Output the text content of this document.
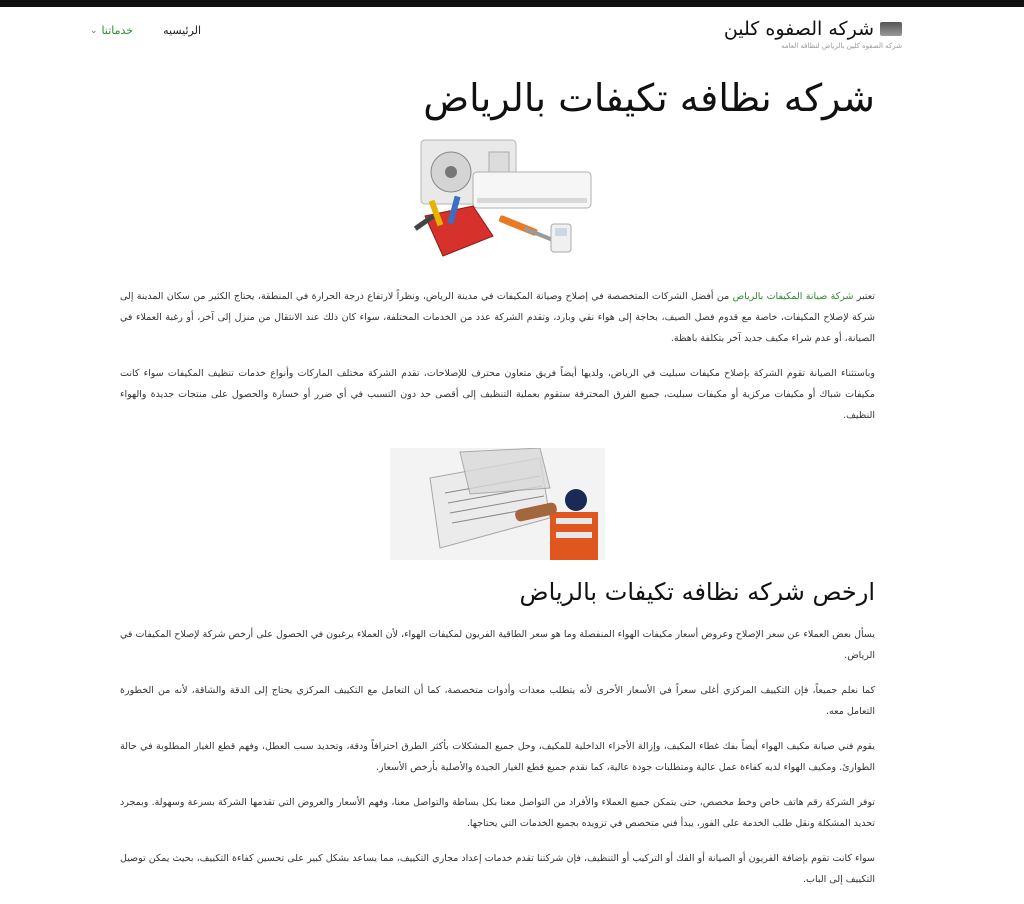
شركه الصفوه كلين
شركه الصفوه كلين بالرياض لنظافه العامه
الرئيسيه
خدماتنا
⌄
شركه نظافه تكيفات بالرياض

تعتبر شركة صيانة المكيفات بالرياض من أفضل الشركات المتخصصة في إصلاح وصيانة المكيفات في مدينة الرياض، ونظراً لارتفاع درجة الحرارة في المنطقة، يحتاج الكثير من سكان المدينة إلى شركة لإصلاح المكيفات، خاصة مع قدوم فصل الصيف، بحاجة إلى هواء نقي وبارد، وتقدم الشركة عدد من الخدمات المختلفة، سواء كان ذلك عند الانتقال من منزل إلى آخر، أو رغبة العملاء في الصيانة، أو عدم شراء مكيف جديد آخر بتكلفة باهظة.

وباستثناء الصيانة تقوم الشركة بإصلاح مكيفات سبليت في الرياض، ولديها أيضاً فريق متعاون محترف للإصلاحات، تقدم الشركة مختلف الماركات وأنواع خدمات تنظيف المكيفات سواء كانت مكيفات شباك أو مكيفات مركزية أو مكيفات سبليت، جميع الفرق المحترفة ستقوم بعملية التنظيف إلى أقصى حد دون التسبب في أي ضرر أو خسارة والحصول على منتجات جديدة والهواء النظيف.

ارخص شركه نظافه تكيفات بالرياض

يسأل بعض العملاء عن سعر الإصلاح وعروض أسعار مكيفات الهواء المنفصلة وما هو سعر الطاقية الفريون لمكيفات الهواء، لأن العملاء يرغبون في الحصول على أرخص شركة لإصلاح المكيفات في الرياض.

كما نعلم جميعاً، فإن التكييف المركزي أغلى سعراً في الأسعار الأخرى لأنه يتطلب معدات وأدوات متخصصة، كما أن التعامل مع التكييف المركزي يحتاج إلى الدقة والشاقة، لأنه من الخطورة التعامل معه.

يقوم فني صيانة مكيف الهواء أيضاً بفك غطاء المكيف، وإزالة الأجزاء الداخلية للمكيف، وحل جميع المشكلات بأكثر الطرق احترافاً ودقة، وتحديد سبب العطل، وفهم قطع الغيار المطلوبة في حالة الطوارئ. ومكيف الهواء لديه كفاءة عمل عالية ومتطلبات جودة عالية، كما نقدم جميع قطع الغيار الجيدة والأصلية بأرخص الأسعار.

توفر الشركة رقم هاتف خاص وخط مخصص، حتى يتمكن جميع العملاء والأفراد من التواصل معنا بكل بساطة والتواصل معنا، وفهم الأسعار والعروض التي تقدمها الشركة بسرعة وسهولة. وبمجرد تحديد المشكلة ونقل طلب الخدمة على الفور، يبدأ فني متخصص في تزويده بجميع الخدمات التي يحتاجها.

سواء كانت تقوم بإضافة الفريون أو الصيانة أو الفك أو التركيب أو التنظيف، فإن شركتنا تقدم خدمات إعداد مجاري التكييف، مما يساعد بشكل كبير على تحسين كفاءة التكييف، بحيث يمكن توصيل التكييف إلى الباب.
